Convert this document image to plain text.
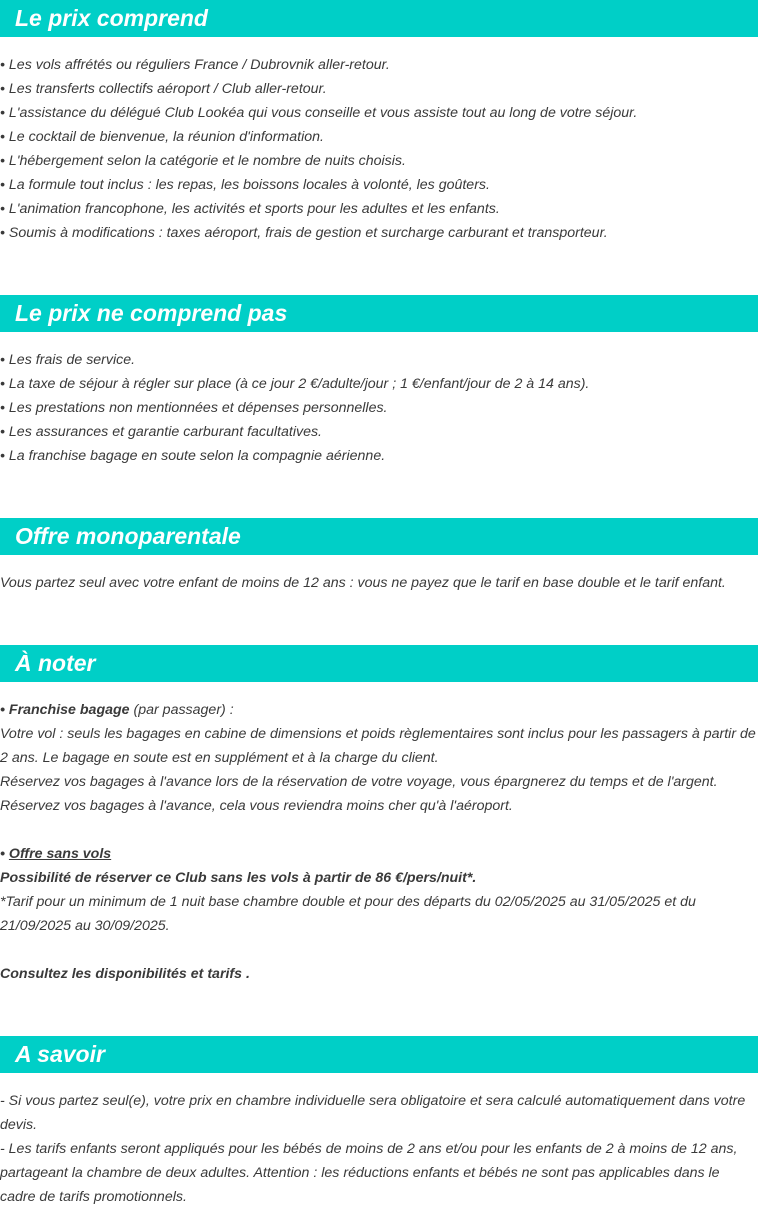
Le prix comprend

• Les vols affrétés ou réguliers France / Dubrovnik aller-retour.

• Les transferts collectifs aéroport / Club aller-retour.

• L'assistance du délégué Club Lookéa qui vous conseille et vous assiste tout au long de votre séjour.

• Le cocktail de bienvenue, la réunion d'information.

• L'hébergement selon la catégorie et le nombre de nuits choisis.

• La formule tout inclus : les repas, les boissons locales à volonté, les goûters.

• L'animation francophone, les activités et sports pour les adultes et les enfants.

• Soumis à modifications : taxes aéroport, frais de gestion et surcharge carburant et transporteur.

Le prix ne comprend pas

• Les frais de service.

• La taxe de séjour à régler sur place (à ce jour 2 €/adulte/jour ; 1 €/enfant/jour de 2 à 14 ans).

• Les prestations non mentionnées et dépenses personnelles.

• Les assurances et garantie carburant facultatives.

• La franchise bagage en soute selon la compagnie aérienne.

Offre monoparentale

Vous partez seul avec votre enfant de moins de 12 ans : vous ne payez que le tarif en base double et le tarif enfant.

À noter

• Franchise bagage (par passager) :

Votre vol : seuls les bagages en cabine de dimensions et poids règlementaires sont inclus pour les passagers à partir de 2 ans. Le bagage en soute est en supplément et à la charge du client.

Réservez vos bagages à l'avance lors de la réservation de votre voyage, vous épargnerez du temps et de l'argent.

Réservez vos bagages à l'avance, cela vous reviendra moins cher qu'à l'aéroport.

• Offre sans vols

Possibilité de réserver ce Club sans les vols à partir de 86 €/pers/nuit*.

*Tarif pour un minimum de 1 nuit base chambre double et pour des départs du 02/05/2025 au 31/05/2025 et du 21/09/2025 au 30/09/2025.

Consultez les disponibilités et tarifs .

A savoir

- Si vous partez seul(e), votre prix en chambre individuelle sera obligatoire et sera calculé automatiquement dans votre devis.

- Les tarifs enfants seront appliqués pour les bébés de moins de 2 ans et/ou pour les enfants de 2 à moins de 12 ans, partageant la chambre de deux adultes. Attention : les réductions enfants et bébés ne sont pas applicables dans le cadre de tarifs promotionnels.
